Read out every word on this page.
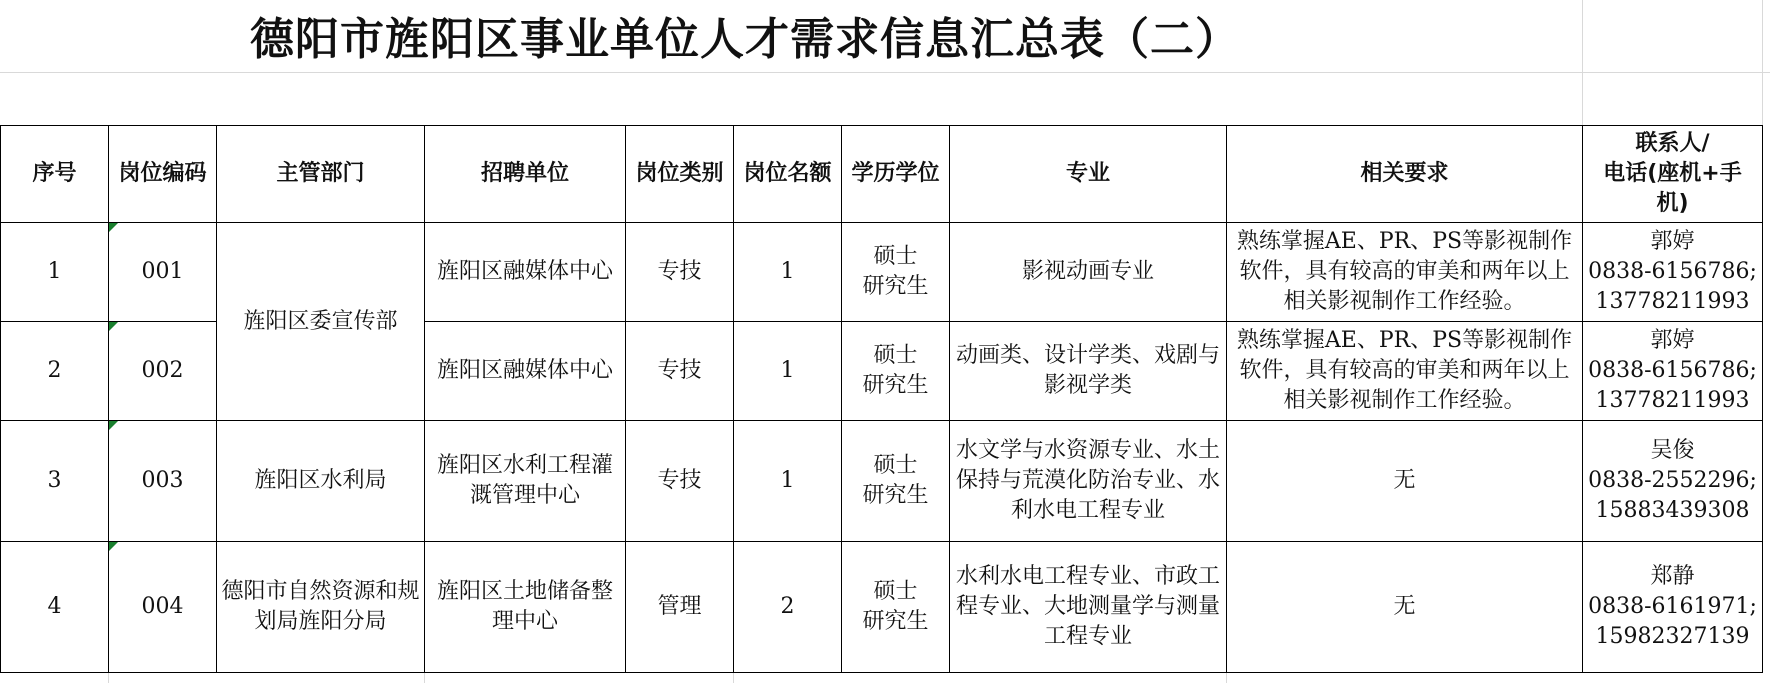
德阳市旌阳区事业单位人才需求信息汇总表（二）
序号	岗位编码	主管部门	招聘单位	岗位类别	岗位名额	学历学位	专业	相关要求	联系人/
电话(座机+手
机)

1	001	旌阳区委宣传部	旌阳区融媒体中心	专技	1	硕士
研究生	影视动画专业	熟练掌握AE、PR、PS等影视制作软件，具有较高的审美和两年以上相关影视制作工作经验。	郭婷
0838-6156786;
13778211993

2	002		旌阳区融媒体中心	专技	1	硕士
研究生	动画类、设计学类、戏剧与影视学类	熟练掌握AE、PR、PS等影视制作软件，具有较高的审美和两年以上相关影视制作工作经验。	郭婷
0838-6156786;
13778211993

3	003	旌阳区水利局	旌阳区水利工程灌溉管理中心	专技	1	硕士
研究生	水文学与水资源专业、水土保持与荒漠化防治专业、水利水电工程专业	无	吴俊
0838-2552296;
15883439308

4	004	德阳市自然资源和规划局旌阳分局	旌阳区土地储备整理中心	管理	2	硕士
研究生	水利水电工程专业、市政工程专业、大地测量学与测量工程专业	无	郑静
0838-6161971;
15982327139
